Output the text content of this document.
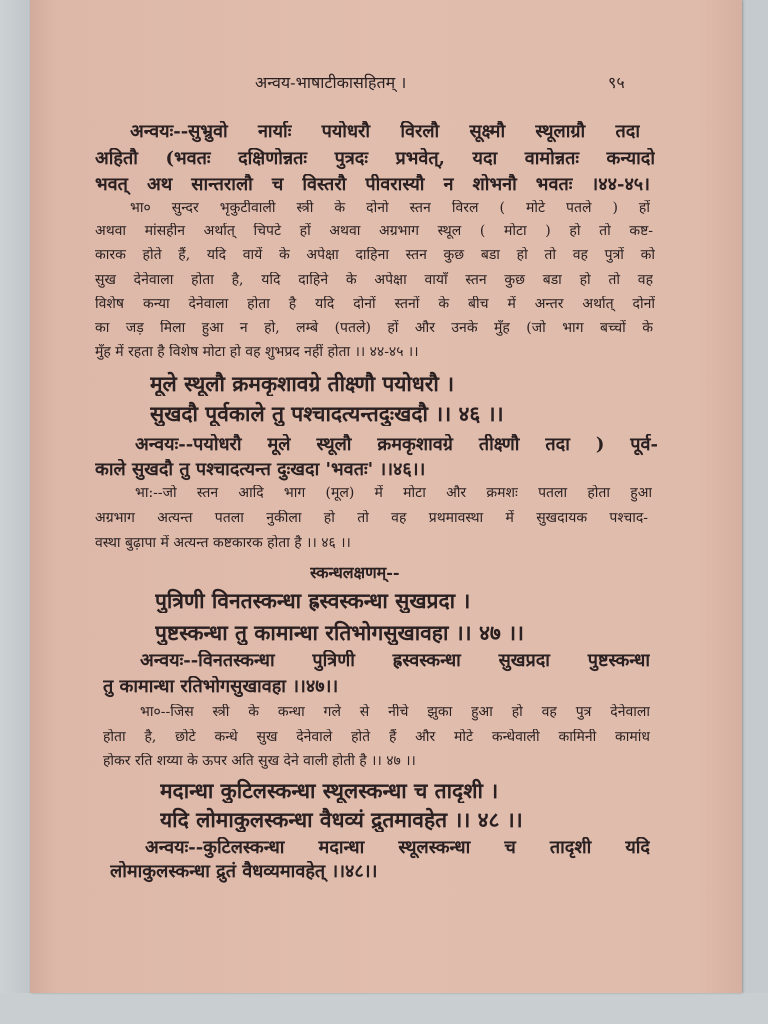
अन्वय-भाषाटीकासहितम् ।	९५
अन्वयः--सुभ्रुवो नार्याः पयोधरौ विरलौ सूक्ष्मौ स्थूलाग्रौ तदा
अहितौ (भवतः दक्षिणोन्नतः पुत्रदः प्रभवेत्, यदा वामोन्नतः कन्यादो
भवत् अथ सान्तरालौ च विस्तरौ पीवरास्यौ न शोभनौ भवतः ।४४-४५।
भा० सुन्दर भृकुटीवाली स्त्री के दोनो स्तन विरल ( मोटे पतले ) हों
अथवा मांसहीन अर्थात् चिपटे हों अथवा अग्रभाग स्थूल ( मोटा ) हो तो कष्ट-
कारक होते हैं, यदि वायें के अपेक्षा दाहिना स्तन कुछ बडा हो तो वह पुत्रों को
सुख देनेवाला होता है, यदि दाहिने के अपेक्षा वायाँ स्तन कुछ बडा हो तो वह
विशेष कन्या देनेवाला होता है यदि दोनों स्तनों के बीच में अन्तर अर्थात् दोनों
का जड़ मिला हुआ न हो, लम्बे (पतले) हों और उनके मुँह (जो भाग बच्चों के
मुँह में रहता है विशेष मोटा हो वह शुभप्रद नहीं होता ।। ४४-४५ ।।
मूले स्थूलौ क्रमकृशावग्रे तीक्ष्णौ पयोधरौ ।
सुखदौ पूर्वकाले तु पश्चादत्यन्तदुःखदौ ।। ४६ ।।
अन्वयः--पयोधरौ मूले स्थूलौ क्रमकृशावग्रे तीक्ष्णौ तदा ) पूर्व-
काले सुखदौ तु पश्चादत्यन्त दुःखदा 'भवतः' ।।४६।।
भा:--जो स्तन आदि भाग (मूल) में मोटा और क्रमशः पतला होता हुआ
अग्रभाग अत्यन्त पतला नुकीला हो तो वह प्रथमावस्था में सुखदायक पश्चाद-
वस्था बुढ़ापा में अत्यन्त कष्टकारक होता है ।। ४६ ।।
स्कन्धलक्षणम्--
पुत्रिणी विनतस्कन्धा ह्रस्वस्कन्धा सुखप्रदा ।
पुष्टस्कन्धा तु कामान्धा रतिभोगसुखावहा ।। ४७ ।।
अन्वयः--विनतस्कन्धा पुत्रिणी ह्रस्वस्कन्धा सुखप्रदा पुष्टस्कन्धा
तु कामान्धा रतिभोगसुखावहा ।।४७।।
भा०--जिस स्त्री के कन्धा गले से नीचे झुका हुआ हो वह पुत्र देनेवाला
होता है, छोटे कन्धे सुख देनेवाले होते हैं और मोटे कन्धेवाली कामिनी कामांध
होकर रति शय्या के ऊपर अति सुख देने वाली होती है ।। ४७ ।।
मदान्धा कुटिलस्कन्धा स्थूलस्कन्धा च तादृशी ।
यदि लोमाकुलस्कन्धा वैधव्यं द्रुतमावहेत ।। ४८ ।।
अन्वयः--कुटिलस्कन्धा मदान्धा स्थूलस्कन्धा च तादृशी यदि
लोमाकुलस्कन्धा द्रुतं वैधव्यमावहेत् ।।४८।।
